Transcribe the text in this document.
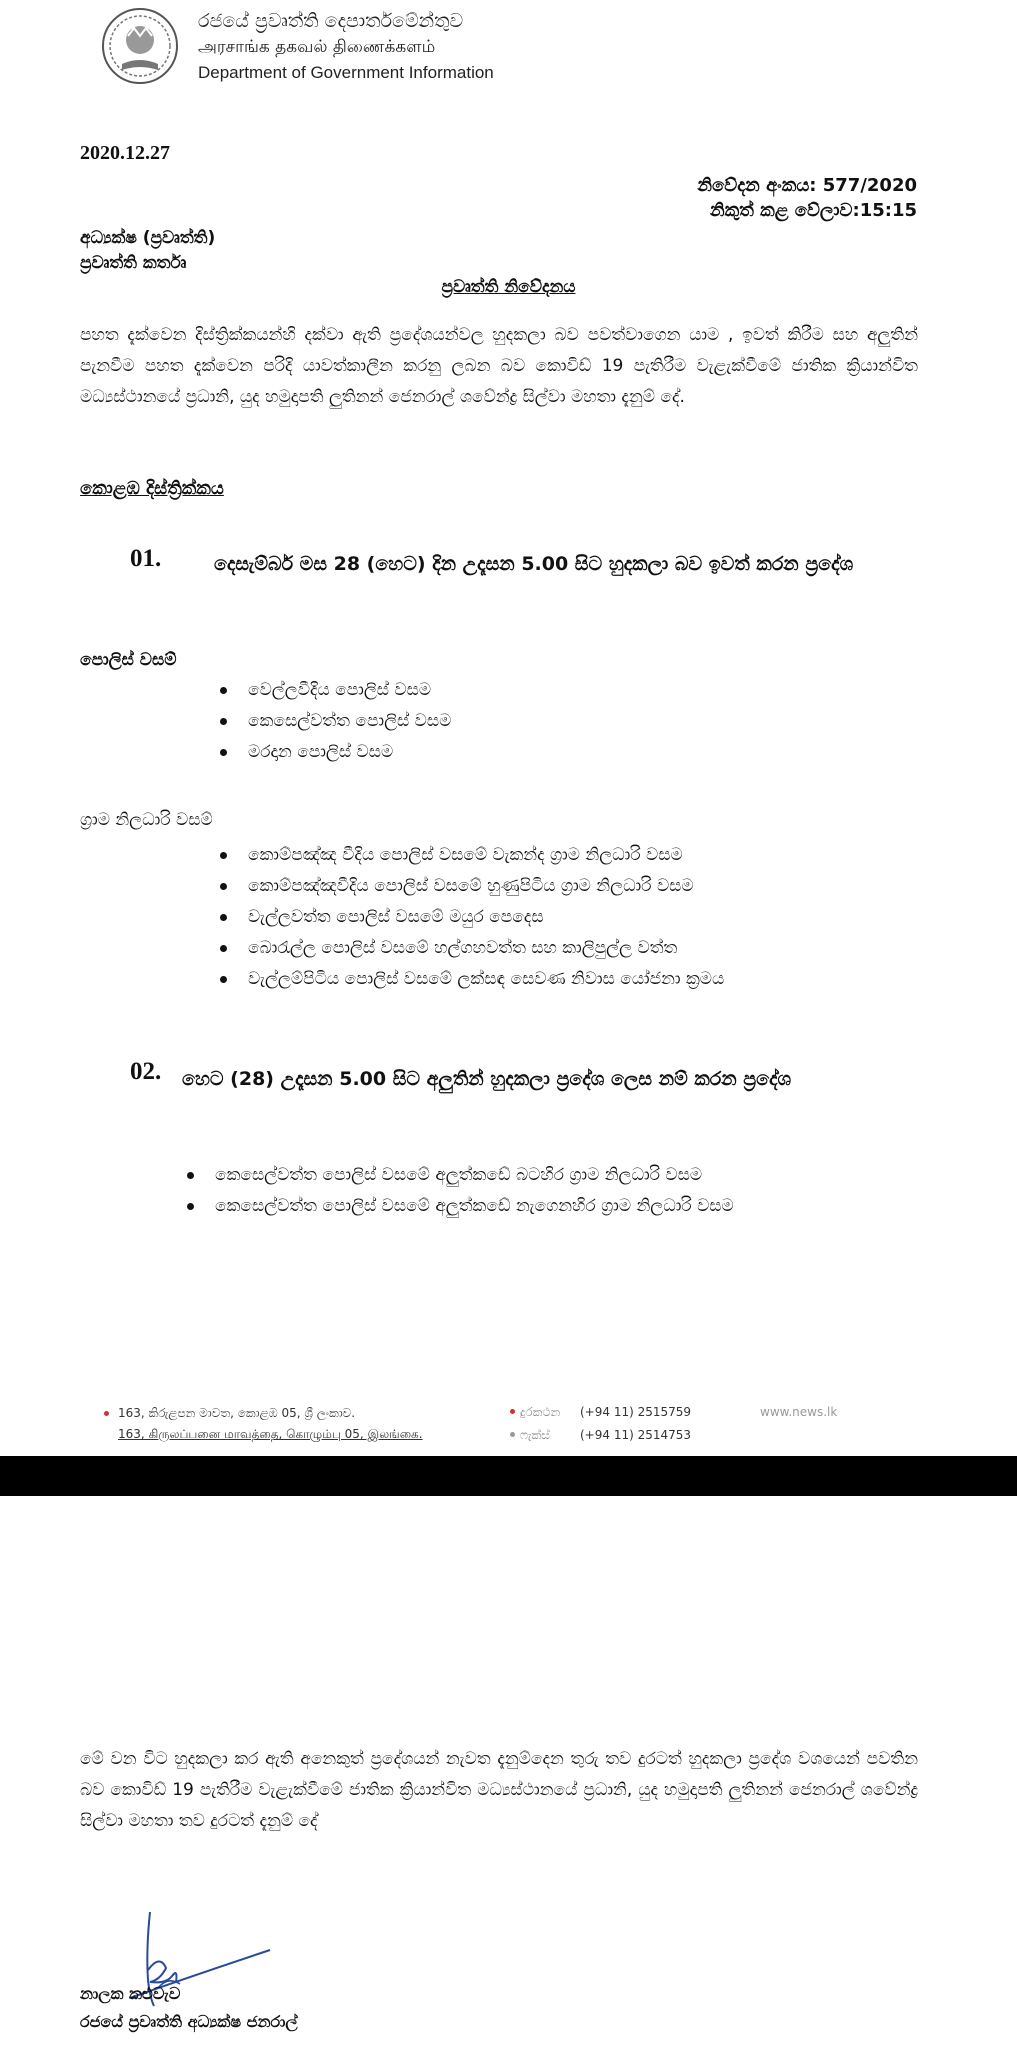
රජයේ ප්‍රවෘත්ති දෙපාර්තමේන්තුව
அரசாங்க தகவல் திணைக்களம்
Department of Government Information
2020.12.27
නිවේදන අංකය: 577/2020
නිකුත් කළ වේලාව:15:15
අධ්‍යක්ෂ (ප්‍රවෘත්ති)
ප්‍රවෘත්ති කර්තෘ
ප්‍රවෘත්ති නිවේදනය
පහත දැක්වෙන දිස්ත්‍රික්කයන්හි දක්වා ඇති ප්‍රදේශයන්වල හුදකලා බව පවත්වාගෙන යාම , ඉවත් කිරීම සහ අලුතින් පැනවීම පහත දැක්වෙන පරිදි යාවත්කාලීන කරනු ලබන බව කොවිඩ් 19 පැතිරීම වැළැක්වීමේ ජාතික ක්‍රියාන්විත මධ්‍යස්ථානයේ ප්‍රධානි, යුද හමුදාපති ලුතිනන් ජෙනරාල් ශවේන්ද්‍ර සිල්වා මහතා දැනුම් දේ.
කොළඹ දිස්ත්‍රික්කය
01.	දෙසැම්බර් මස 28 (හෙට) දින උදෑසන 5.00 සිට හුදකලා බව ඉවත් කරන ප්‍රදේශ
පොලිස් වසම්
වෙල්ලවීදිය පොලිස් වසම
කෙසෙල්වත්ත පොලිස් වසම
මරදාන පොලිස් වසම
ග්‍රාම නිලධාරි වසම්
කොම්පඤ්ඤ වීදිය පොලිස් වසමේ වැකන්ද ග්‍රාම නිලධාරි වසම
කොම්පඤ්ඤවීදිය පොලිස් වසමේ හුණුපිටිය ග්‍රාම නිලධාරි වසම
වැල්ලවත්ත පොලිස් වසමේ මයුර පෙදෙස
බොරැල්ල පොලිස් වසමේ හල්ගහවත්ත සහ කාලිපුල්ල වත්ත
වැල්ලම්පිටිය පොලිස් වසමේ ලක්සඳ සෙවණ නිවාස යෝජනා ක්‍රමය
02. හෙට (28) උදෑසන 5.00 සිට අලුතින් හුදකලා ප්‍රදේශ ලෙස නම් කරන ප්‍රදේශ
කෙසෙල්වත්ත පොලිස් වසමේ අලුත්කඩේ බටහිර ග්‍රාම නිලධාරි වසම
කෙසෙල්වත්ත පොලිස් වසමේ අලුත්කඩේ නැගෙනහිර ග්‍රාම නිලධාරි වසම
163, කිරුළපන මාවත, කොළඹ 05, ශ්‍රී ලංකාව.
163, கிருலப்பனை மாவத்தை, கொழும்பு 05, இலங்கை.
දුරකථන (+94 11) 2515759
ෆැක්ස්	(+94 11) 2514753
www.news.lk
මේ වන විට හුදකලා කර ඇති අනෙකුත් ප්‍රදේශයන් නැවත දැනුම්දෙන තුරු තව දුරටත් හුදකලා ප්‍රදේශ වශයෙන් පවතින බව කොවිඩ් 19 පැතිරීම වැළැක්වීමේ ජාතික ක්‍රියාන්විත මධ්‍යස්ථානයේ ප්‍රධානි, යුද හමුදාපති ලුතිනන් ජෙනරාල් ශවේන්ද්‍ර සිල්වා මහතා තව දුරටත් දැනුම් දේ
නාලක කළුවැව
රජයේ ප්‍රවෘත්ති අධ්‍යක්ෂ ජනරාල්
